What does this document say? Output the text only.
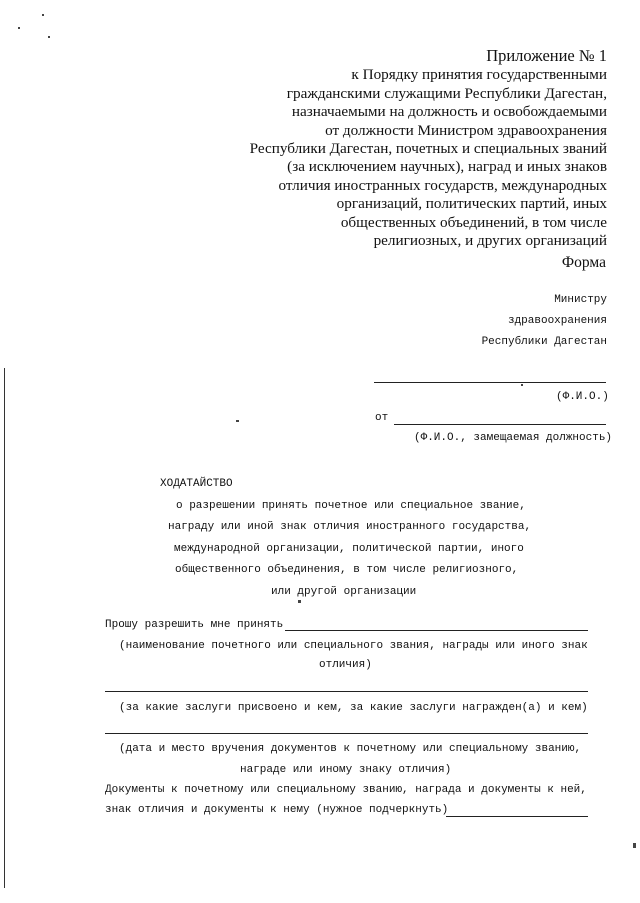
Приложение № 1
к Порядку принятия государственными
гражданскими служащими Республики Дагестан,
назначаемыми на должность и освобождаемыми
от должности Министром здравоохранения
Республики Дагестан, почетных и специальных званий
(за исключением научных), наград и иных знаков
отличия иностранных государств, международных
организаций, политических партий, иных
общественных объединений, в том числе
религиозных, и других организаций
Форма
Министру
здравоохранения
Республики Дагестан
(Ф.И.О.)
от
(Ф.И.О., замещаемая должность)
ХОДАТАЙСТВО
о разрешении принять почетное или специальное звание,
награду или иной знак отличия иностранного государства,
международной организации, политической партии, иного
общественного объединения, в том числе религиозного,
или другой организации
Прошу разрешить мне принять
(наименование почетного или специального звания, награды или иного знак
отличия)
(за какие заслуги присвоено и кем, за какие заслуги награжден(а) и кем)
(дата и место вручения документов к почетному или специальному званию,
награде или иному знаку отличия)
Документы к почетному или специальному званию, награда и документы к ней,
знак отличия и документы к нему (нужное подчеркнуть)
